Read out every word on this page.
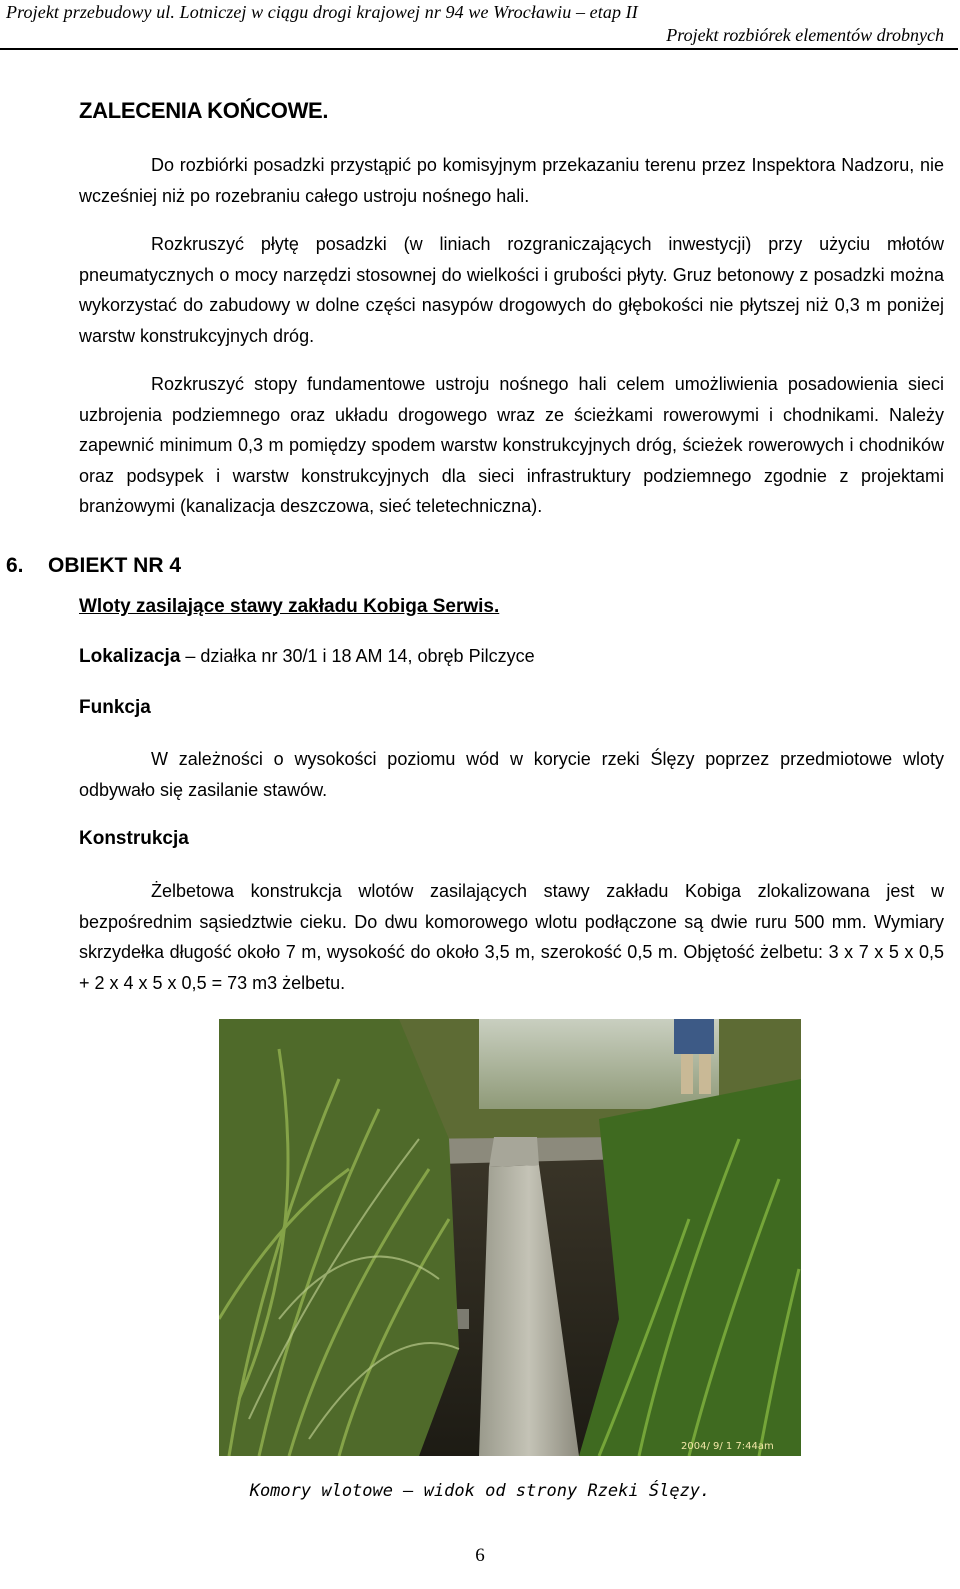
Projekt przebudowy ul. Lotniczej w ciągu drogi krajowej nr 94 we Wrocławiu – etap II
Projekt rozbiórek elementów drobnych
ZALECENIA KOŃCOWE.
Do rozbiórki posadzki przystąpić po komisyjnym przekazaniu terenu przez Inspektora Nadzoru, nie wcześniej niż po rozebraniu całego ustroju nośnego hali.
Rozkruszyć płytę posadzki (w liniach rozgraniczających inwestycji) przy użyciu młotów pneumatycznych o mocy narzędzi stosownej do wielkości i grubości płyty. Gruz betonowy z posadzki można wykorzystać do zabudowy w dolne części nasypów drogowych do głębokości nie płytszej niż 0,3 m poniżej warstw konstrukcyjnych dróg.
Rozkruszyć stopy fundamentowe ustroju nośnego hali celem umożliwienia posadowienia sieci uzbrojenia podziemnego oraz układu drogowego wraz ze ścieżkami rowerowymi i chodnikami. Należy zapewnić minimum 0,3 m pomiędzy spodem warstw konstrukcyjnych dróg, ścieżek rowerowych i chodników oraz podsypek i warstw konstrukcyjnych dla sieci infrastruktury podziemnego zgodnie z projektami branżowymi (kanalizacja deszczowa, sieć teletechniczna).
6. OBIEKT NR 4
Wloty zasilające stawy zakładu Kobiga Serwis.
Lokalizacja – działka nr 30/1 i 18 AM 14, obręb Pilczyce
Funkcja
W zależności o wysokości poziomu wód w korycie rzeki Ślęzy poprzez przedmiotowe wloty odbywało się zasilanie stawów.
Konstrukcja
Żelbetowa konstrukcja wlotów zasilających stawy zakładu Kobiga zlokalizowana jest w bezpośrednim sąsiedztwie cieku. Do dwu komorowego wlotu podłączone są dwie ruru 500 mm. Wymiary skrzydełka długość około 7 m, wysokość do około 3,5 m, szerokość 0,5 m. Objętość żelbetu: 3 x 7 x 5 x 0,5 + 2 x 4 x 5 x 0,5 = 73 m3 żelbetu.
2004/ 9/ 1 7:44am
Komory wlotowe – widok od strony Rzeki Ślęzy.
6
